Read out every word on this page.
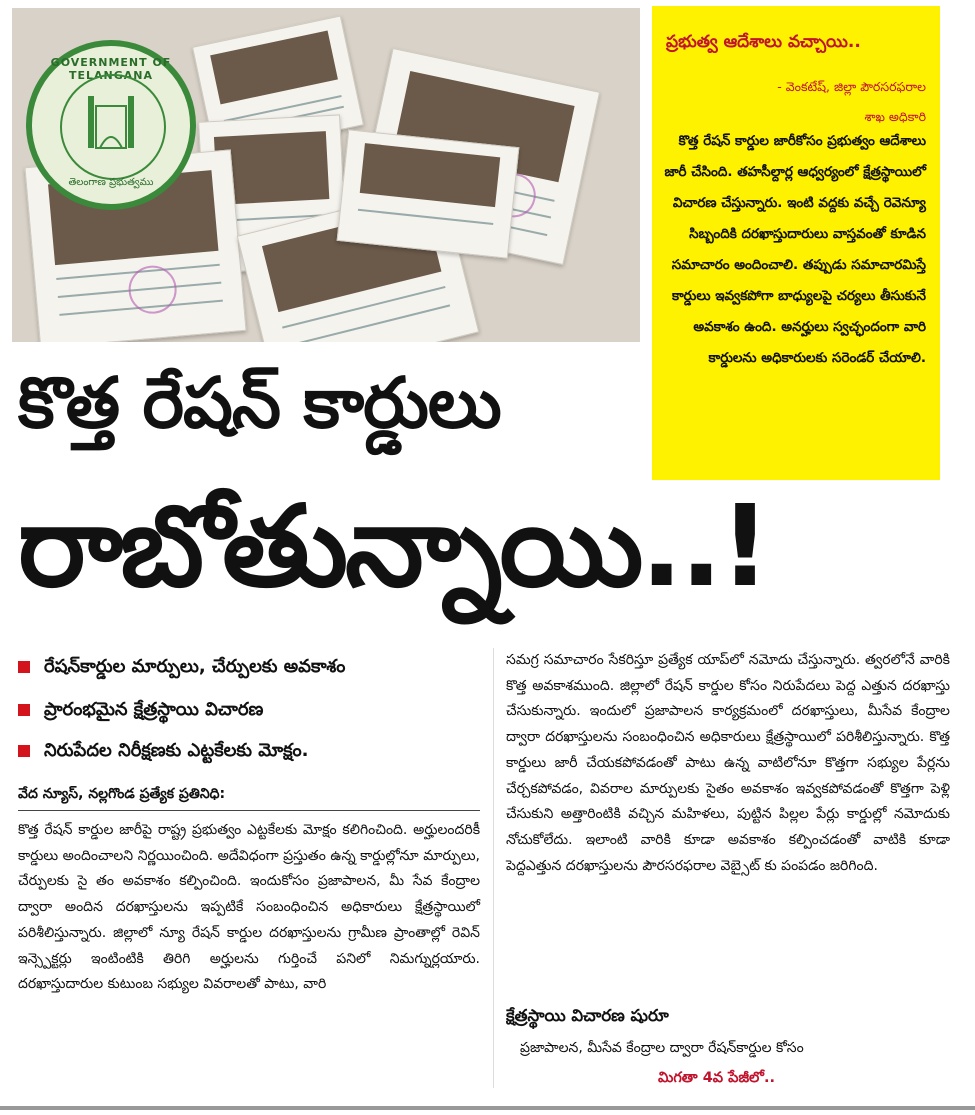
GOVERNMENT OF TELANGANA
తెలంగాణ ప్రభుత్వము
ప్రభుత్వ ఆదేశాలు వచ్చాయి..
- వెంకటేష్, జిల్లా పౌరసరఫరాల
శాఖ అధికారి
కొత్త రేషన్ కార్డుల జారీకోసం ప్రభుత్వం ఆదేశాలు జారీ చేసింది. తహసీల్దార్ల ఆధ్వర్యంలో క్షేత్రస్థాయిలో విచారణ చేస్తున్నారు. ఇంటి వద్దకు వచ్చే రెవెన్యూ సిబ్బందికి దరఖాస్తుదారులు వాస్తవంతో కూడిన సమాచారం అందించాలి. తప్పుడు సమాచారమిస్తే కార్డులు ఇవ్వకపోగా బాధ్యులపై చర్యలు తీసుకునే అవకాశం ఉంది. అనర్హులు స్వచ్ఛందంగా వారి కార్డులను అధికారులకు సరెండర్ చేయాలి.
కొత్త రేషన్ కార్డులు
రాబోతున్నాయి..!
రేషన్‌కార్డుల మార్పులు, చేర్పులకు అవకాశం
ప్రారంభమైన క్షేత్రస్థాయి విచారణ
నిరుపేదల నిరీక్షణకు ఎట్టకేలకు మోక్షం.
వేద న్యూస్, నల్లగొండ ప్రత్యేక ప్రతినిధి:
కొత్త రేషన్ కార్డుల జారీపై రాష్ట్ర ప్రభుత్వం ఎట్టకేలకు మోక్షం కలిగించింది. అర్హులందరికీ కార్డులు అందించాలని నిర్ణయించింది. అదేవిధంగా ప్రస్తుతం ఉన్న కార్డుల్లోనూ మార్పులు, చేర్పులకు సై తం అవకాశం కల్పించింది. ఇందుకోసం ప్రజాపాలన, మీ సేవ కేంద్రాల ద్వారా అందిన దరఖాస్తులను ఇప్పటికే సంబంధించిన అధికారులు క్షేత్రస్థాయిలో పరిశీలిస్తున్నారు. జిల్లాలో న్యూ రేషన్ కార్డుల దరఖాస్తులను గ్రామీణ ప్రాంతాల్లో రెవిన్ ఇన్స్పెక్టర్లు ఇంటింటికి తిరిగి అర్హులను గుర్తించే పనిలో నిమగ్నుర్లయారు. దరఖాస్తుదారుల కుటుంబ సభ్యుల వివరాలతో పాటు, వారి
సమగ్ర సమాచారం సేకరిస్తూ ప్రత్యేక యాప్‌లో నమోదు చేస్తున్నారు. త్వరలోనే వారికి కొత్త అవకాశముంది. జిల్లాలో రేషన్ కార్డుల కోసం నిరుపేదలు పెద్ద ఎత్తున దరఖాస్తు చేసుకున్నారు. ఇందులో ప్రజాపాలన కార్యక్రమంలో దరఖాస్తులు, మీసేవ కేంద్రాల ద్వారా దరఖాస్తులను సంబంధించిన అధికారులు క్షేత్రస్థాయిలో పరిశీలిస్తున్నారు. కొత్త కార్డులు జారీ చేయకపోవడంతో పాటు ఉన్న వాటిలోనూ కొత్తగా సభ్యుల పేర్లను చేర్చకపోవడం, వివరాల మార్పులకు సైతం అవకాశం ఇవ్వకపోవడంతో కొత్తగా పెళ్లి చేసుకుని అత్తారింటికి వచ్చిన మహిళలు, పుట్టిన పిల్లల పేర్లు కార్డుల్లో నమోదుకు నోచుకోలేదు. ఇలాంటి వారికి కూడా అవకాశం కల్పించడంతో వాటికి కూడా పెద్దఎత్తున దరఖాస్తులను పౌరసరఫరాల వెబ్సైట్ కు పంపడం జరిగింది.
క్షేత్రస్థాయి విచారణ షురూ
ప్రజాపాలన, మీసేవ కేంద్రాల ద్వారా రేషన్‌కార్డుల కోసం
మిగతా 4వ పేజీలో..
